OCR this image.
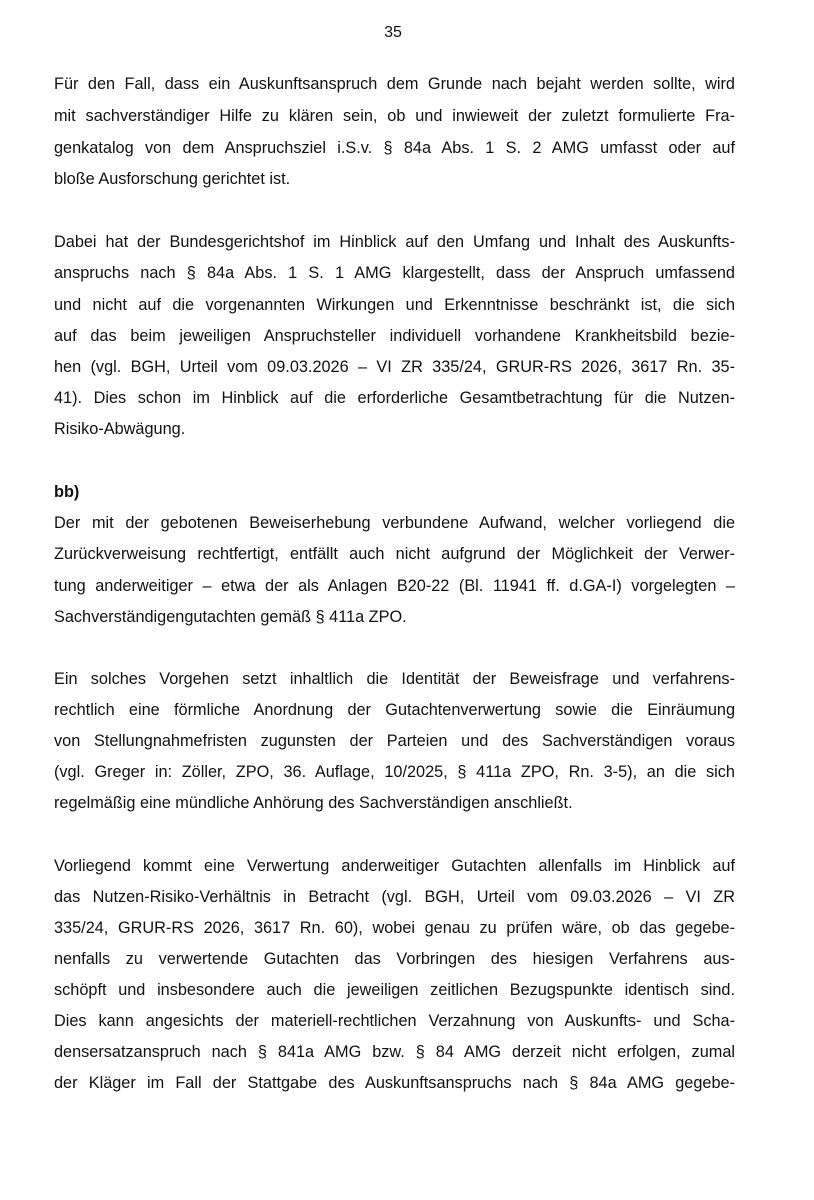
35
Für den Fall, dass ein Auskunftsanspruch dem Grunde nach bejaht werden sollte, wird
mit sachverständiger Hilfe zu klären sein, ob und inwieweit der zuletzt formulierte Fra-
genkatalog von dem Anspruchsziel i.S.v. § 84a Abs. 1 S. 2 AMG umfasst oder auf
bloße Ausforschung gerichtet ist.
Dabei hat der Bundesgerichtshof im Hinblick auf den Umfang und Inhalt des Auskunfts-
anspruchs nach § 84a Abs. 1 S. 1 AMG klargestellt, dass der Anspruch umfassend
und nicht auf die vorgenannten Wirkungen und Erkenntnisse beschränkt ist, die sich
auf das beim jeweiligen Anspruchsteller individuell vorhandene Krankheitsbild bezie-
hen (vgl. BGH, Urteil vom 09.03.2026 – VI ZR 335/24, GRUR-RS 2026, 3617 Rn. 35-
41). Dies schon im Hinblick auf die erforderliche Gesamtbetrachtung für die Nutzen-
Risiko-Abwägung.
bb)
Der mit der gebotenen Beweiserhebung verbundene Aufwand, welcher vorliegend die
Zurückverweisung rechtfertigt, entfällt auch nicht aufgrund der Möglichkeit der Verwer-
tung anderweitiger – etwa der als Anlagen B20-22 (Bl. 11941 ff. d.GA-I) vorgelegten –
Sachverständigengutachten gemäß § 411a ZPO.
Ein solches Vorgehen setzt inhaltlich die Identität der Beweisfrage und verfahrens-
rechtlich eine förmliche Anordnung der Gutachtenverwertung sowie die Einräumung
von Stellungnahmefristen zugunsten der Parteien und des Sachverständigen voraus
(vgl. Greger in: Zöller, ZPO, 36. Auflage, 10/2025, § 411a ZPO, Rn. 3-5), an die sich
regelmäßig eine mündliche Anhörung des Sachverständigen anschließt.
Vorliegend kommt eine Verwertung anderweitiger Gutachten allenfalls im Hinblick auf
das Nutzen-Risiko-Verhältnis in Betracht (vgl. BGH, Urteil vom 09.03.2026 – VI ZR
335/24, GRUR-RS 2026, 3617 Rn. 60), wobei genau zu prüfen wäre, ob das gegebe-
nenfalls zu verwertende Gutachten das Vorbringen des hiesigen Verfahrens aus-
schöpft und insbesondere auch die jeweiligen zeitlichen Bezugspunkte identisch sind.
Dies kann angesichts der materiell-rechtlichen Verzahnung von Auskunfts- und Scha-
densersatzanspruch nach § 841a AMG bzw. § 84 AMG derzeit nicht erfolgen, zumal
der Kläger im Fall der Stattgabe des Auskunftsanspruchs nach § 84a AMG gegebe-
